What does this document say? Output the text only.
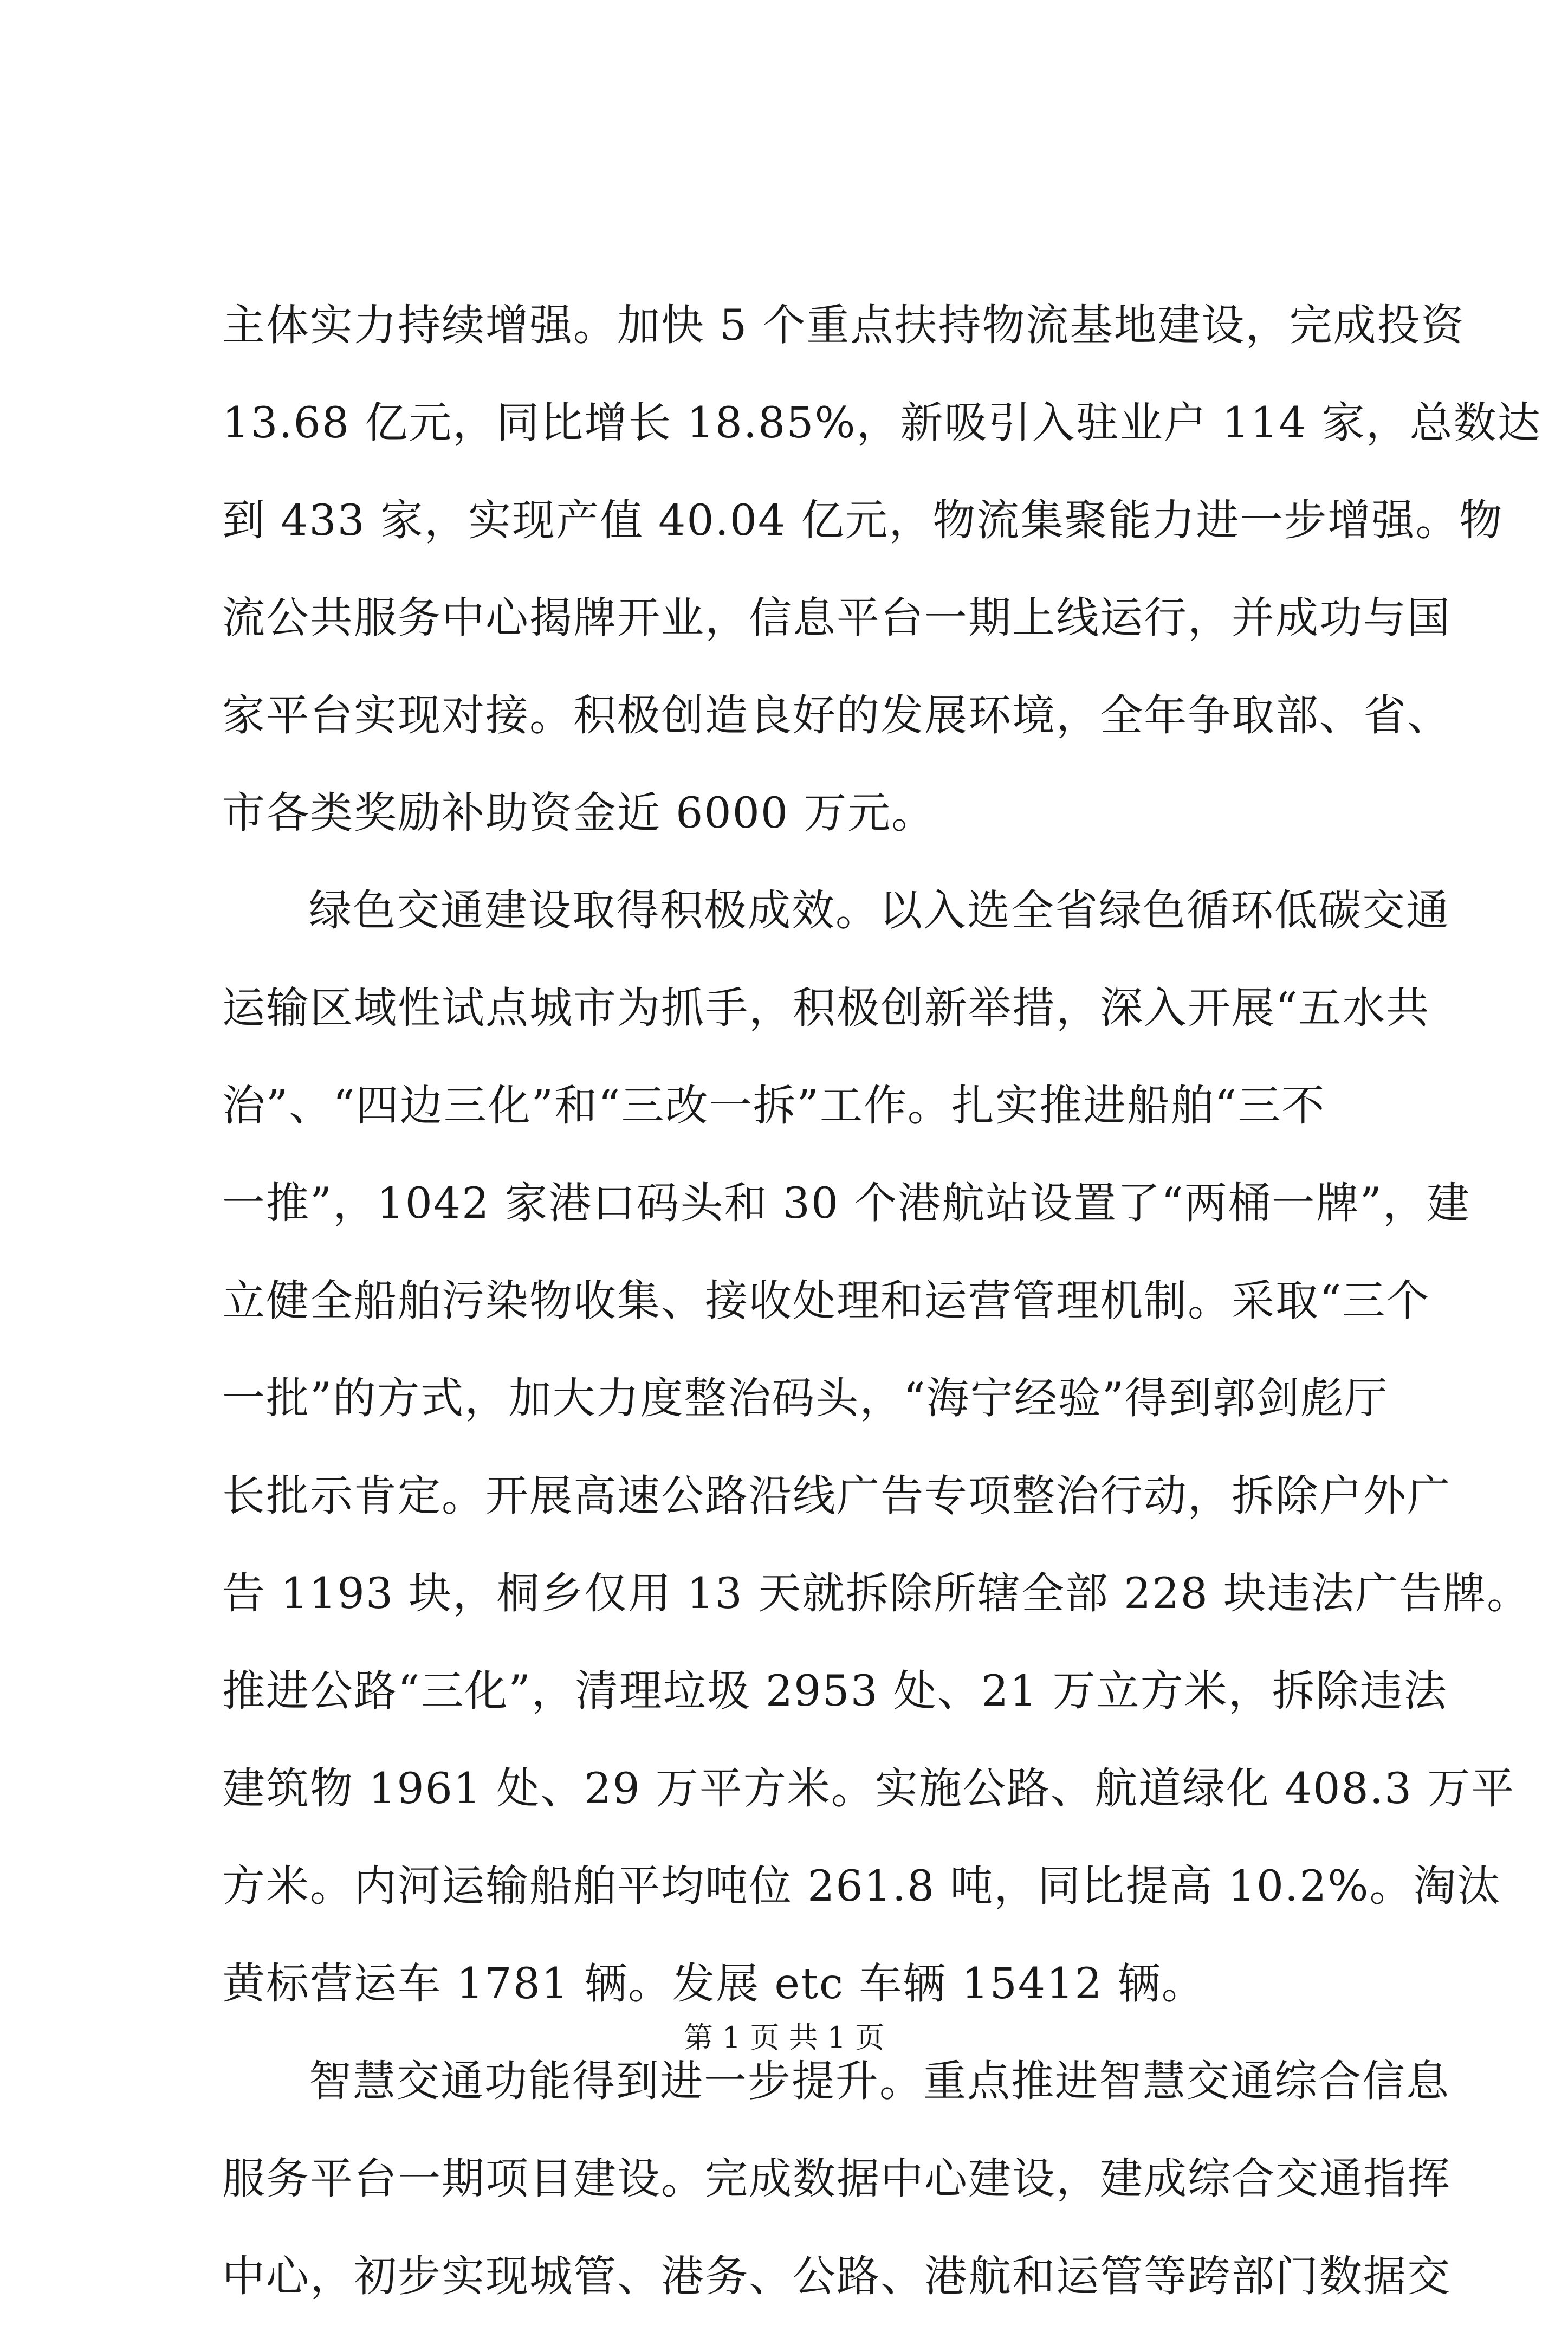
主体实力持续增强。加快 5 个重点扶持物流基地建设，完成投资
13.68 亿元，同比增长 18.85%，新吸引入驻业户 114 家，总数达
到 433 家，实现产值 40.04 亿元，物流集聚能力进一步增强。物
流公共服务中心揭牌开业，信息平台一期上线运行，并成功与国
家平台实现对接。积极创造良好的发展环境，全年争取部、省、
市各类奖励补助资金近 6000 万元。
绿色交通建设取得积极成效。以入选全省绿色循环低碳交通
运输区域性试点城市为抓手，积极创新举措，深入开展“五水共
治”、“四边三化”和“三改一拆”工作。扎实推进船舶“三不
一推”，1042 家港口码头和 30 个港航站设置了“两桶一牌”，建
立健全船舶污染物收集、接收处理和运营管理机制。采取“三个
一批”的方式，加大力度整治码头，“海宁经验”得到郭剑彪厅
长批示肯定。开展高速公路沿线广告专项整治行动，拆除户外广
告 1193 块，桐乡仅用 13 天就拆除所辖全部 228 块违法广告牌。
推进公路“三化”，清理垃圾 2953 处、21 万立方米，拆除违法
建筑物 1961 处、29 万平方米。实施公路、航道绿化 408.3 万平
方米。内河运输船舶平均吨位 261.8 吨，同比提高 10.2%。淘汰
黄标营运车 1781 辆。发展 etc 车辆 15412 辆。
智慧交通功能得到进一步提升。重点推进智慧交通综合信息
服务平台一期项目建设。完成数据中心建设，建成综合交通指挥
中心，初步实现城管、港务、公路、港航和运管等跨部门数据交
第 1 页 共 1 页
